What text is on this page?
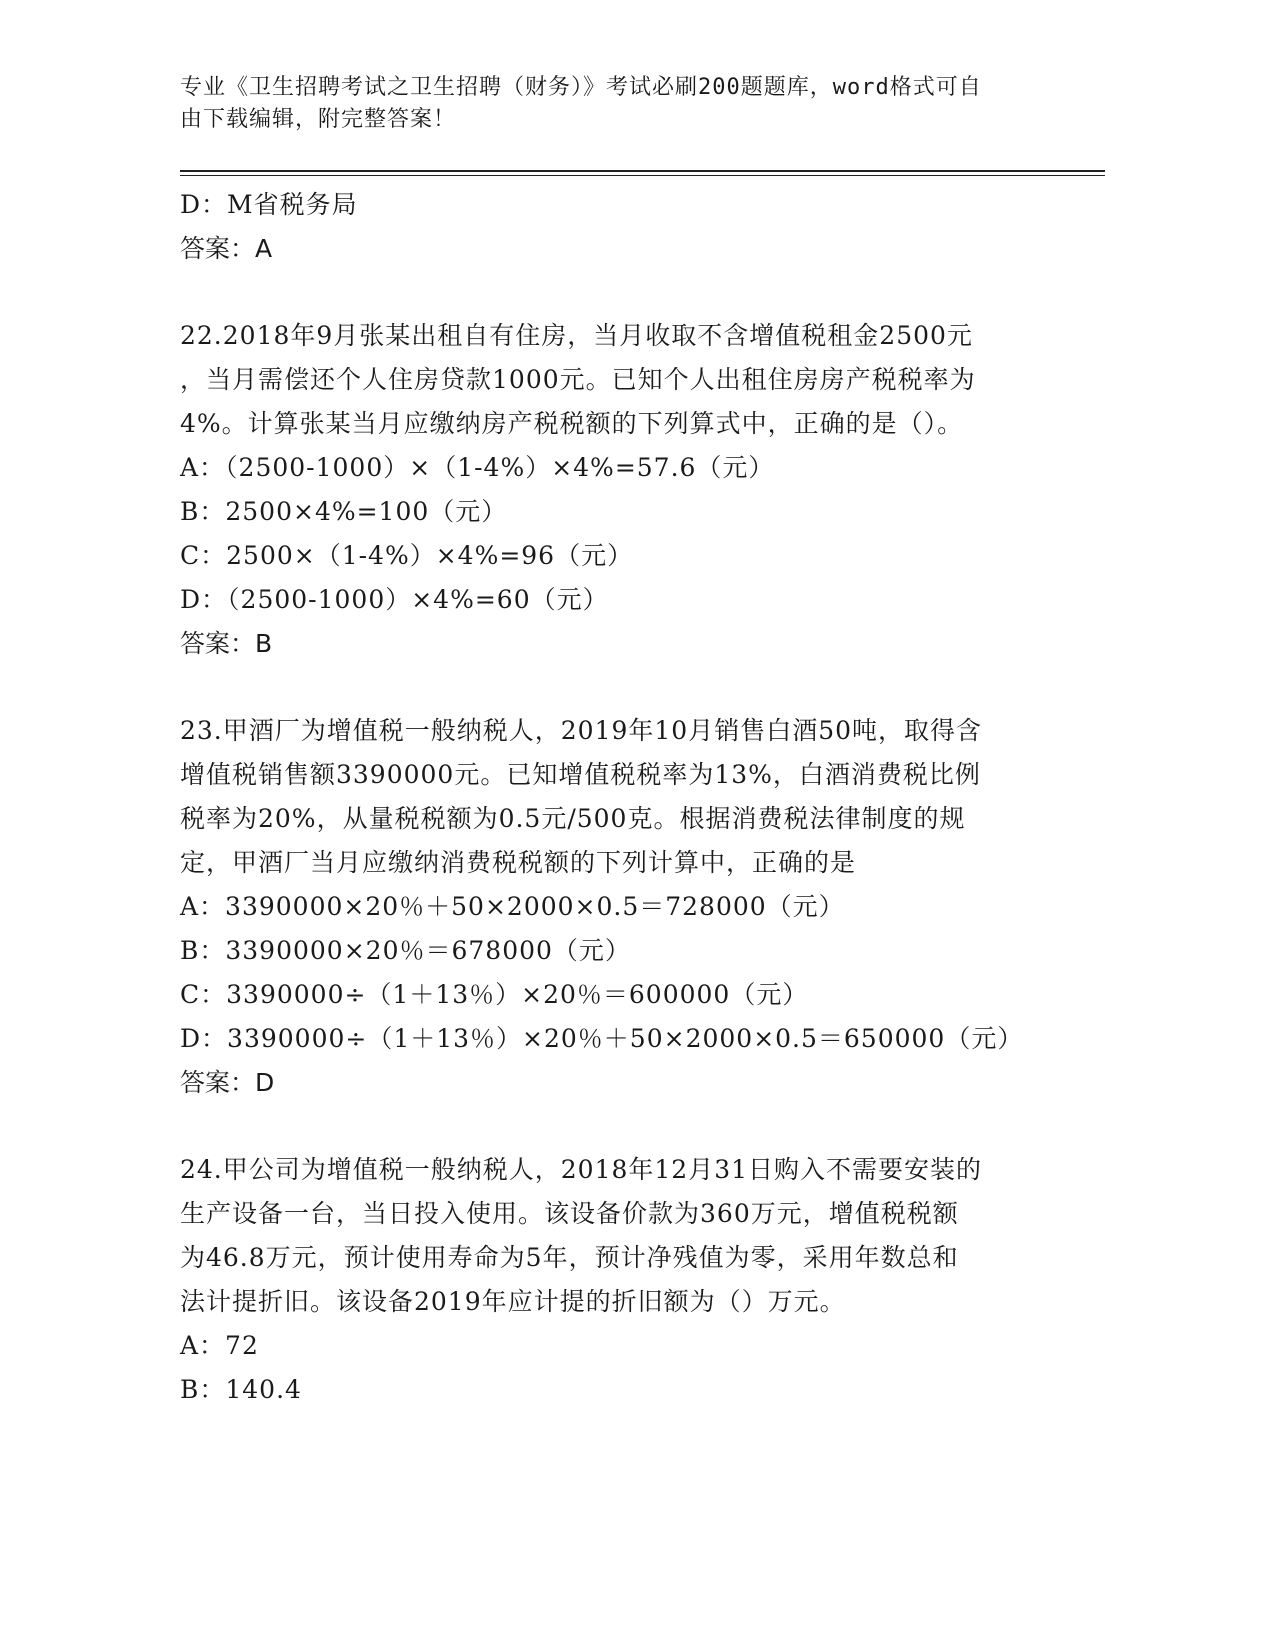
专业《卫生招聘考试之卫生招聘（财务）》考试必刷200题题库，word格式可自
由下载编辑，附完整答案！
D：M省税务局
答案：A
22.2018年9月张某出租自有住房，当月收取不含增值税租金2500元
，当月需偿还个人住房贷款1000元。已知个人出租住房房产税税率为
4%。计算张某当月应缴纳房产税税额的下列算式中，正确的是（）。
A：（2500-1000）×（1-4%）×4%=57.6（元）
B：2500×4%=100（元）
C：2500×（1-4%）×4%=96（元）
D：（2500-1000）×4%=60（元）
答案：B
23.甲酒厂为增值税一般纳税人，2019年10月销售白酒50吨，取得含
增值税销售额3390000元。已知增值税税率为13%，白酒消费税比例
税率为20%，从量税税额为0.5元/500克。根据消费税法律制度的规
定，甲酒厂当月应缴纳消费税税额的下列计算中，正确的是
A：3390000×20％＋50×2000×0.5＝728000（元）
B：3390000×20％＝678000（元）
C：3390000÷（1＋13％）×20％＝600000（元）
D：3390000÷（1＋13％）×20％＋50×2000×0.5＝650000（元）
答案：D
24.甲公司为增值税一般纳税人，2018年12月31日购入不需要安装的
生产设备一台，当日投入使用。该设备价款为360万元，增值税税额
为46.8万元，预计使用寿命为5年，预计净残值为零，采用年数总和
法计提折旧。该设备2019年应计提的折旧额为（）万元。
A：72
B：140.4
